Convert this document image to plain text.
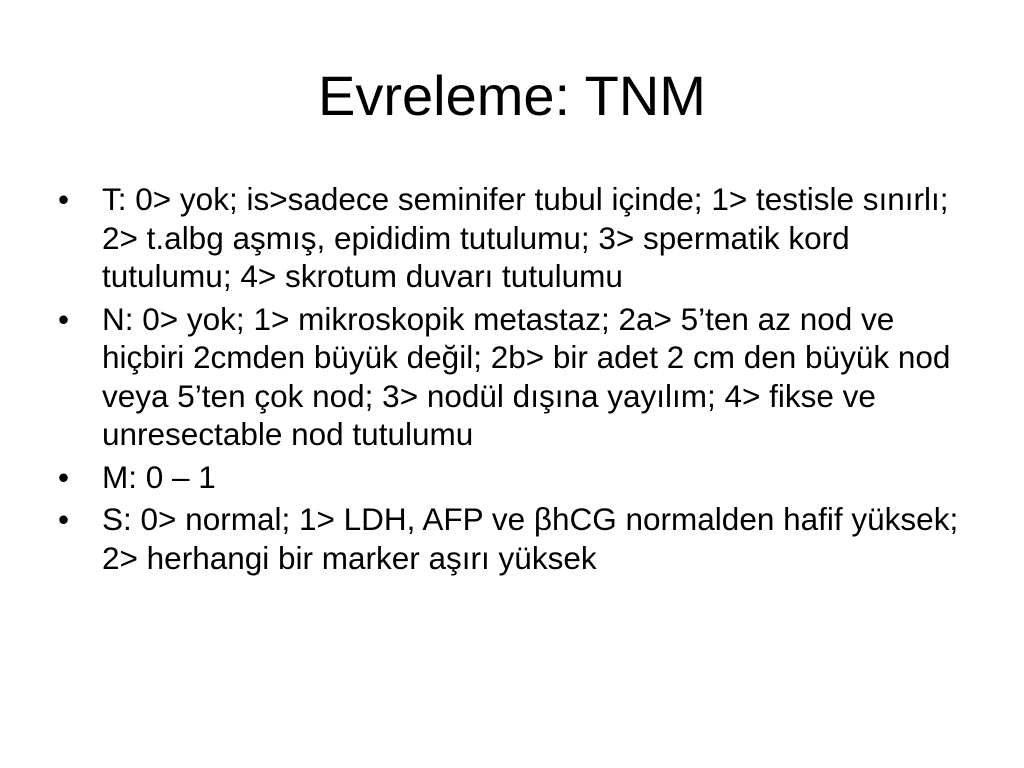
Evreleme: TNM
•	T: 0> yok; is>sadece seminifer tubul içinde; 1> testisle sınırlı; 2> t.albg aşmış, epididim tutulumu; 3> spermatik kord tutulumu; 4> skrotum duvarı tutulumu
•	N: 0> yok; 1> mikroskopik metastaz; 2a> 5’ten az nod ve hiçbiri 2cmden büyük değil; 2b> bir adet 2 cm den büyük nod veya 5’ten çok nod; 3> nodül dışına yayılım; 4> fikse ve unresectable nod tutulumu
•	M: 0 – 1
•	S: 0> normal; 1> LDH, AFP ve βhCG normalden hafif yüksek; 2> herhangi bir marker aşırı yüksek
